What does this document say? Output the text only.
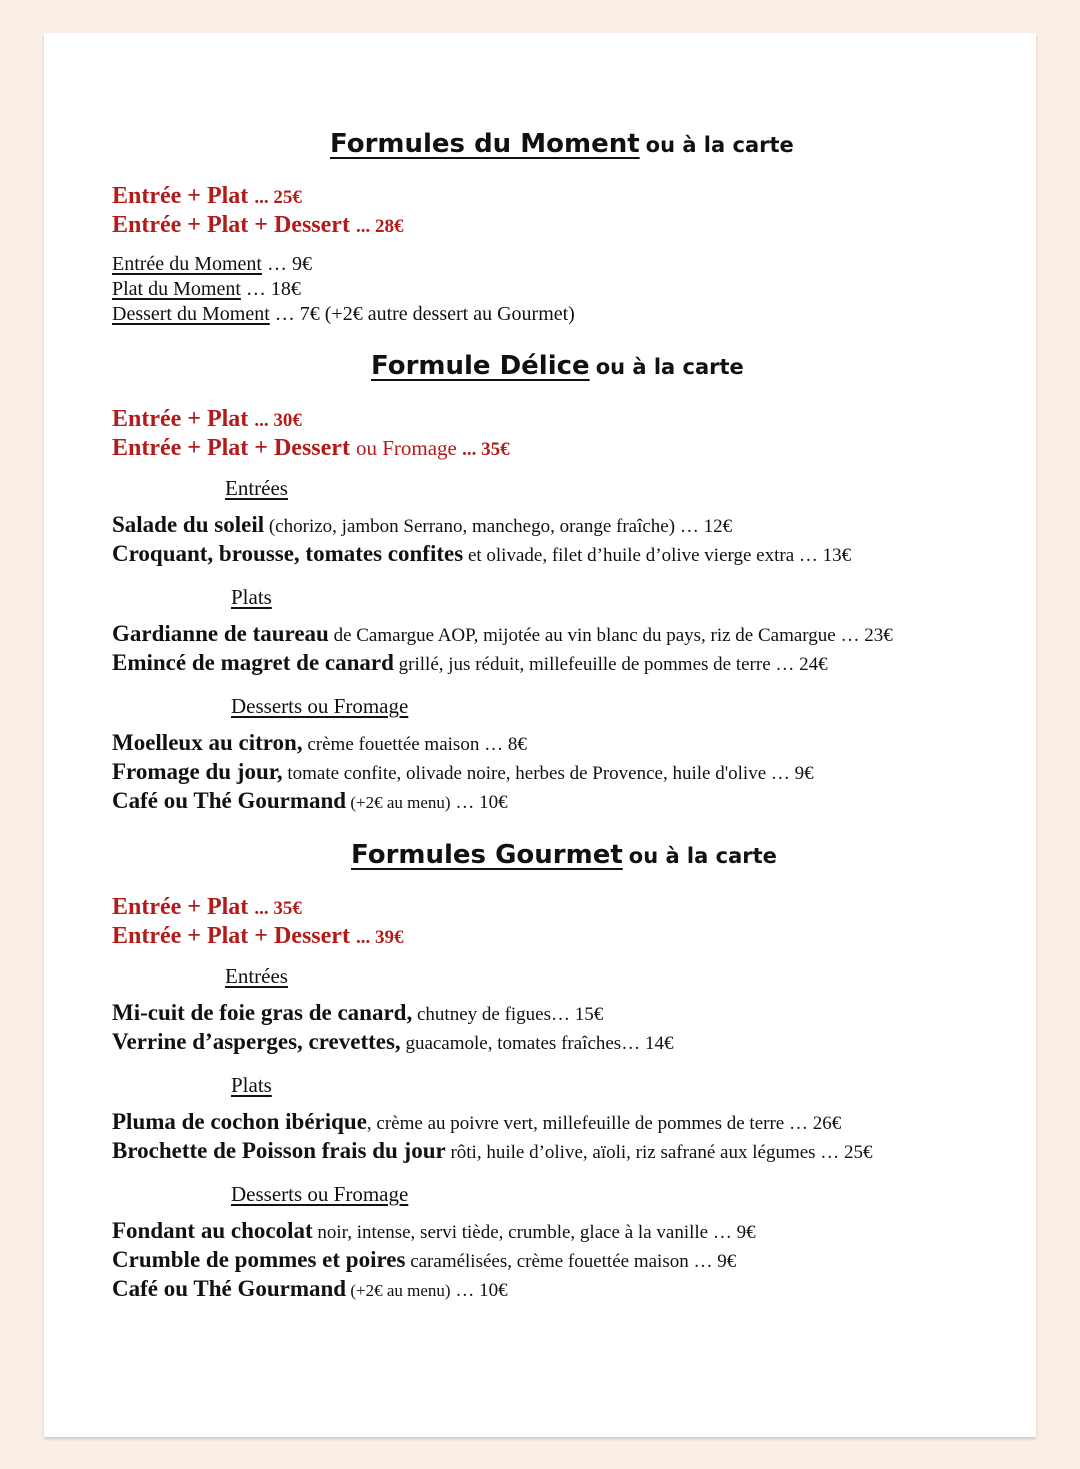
Formules du Moment ou à la carte
Entrée + Plat ... 25€
Entrée + Plat + Dessert ... 28€
Entrée du Moment … 9€
Plat du Moment … 18€
Dessert du Moment … 7€ (+2€ autre dessert au Gourmet)
Formule Délice ou à la carte
Entrée + Plat ... 30€
Entrée + Plat + Dessert ou Fromage ... 35€
Entrées
Salade du soleil (chorizo, jambon Serrano, manchego, orange fraîche) … 12€
Croquant, brousse, tomates confites et olivade, filet d’huile d’olive vierge extra … 13€
Plats
Gardianne de taureau de Camargue AOP, mijotée au vin blanc du pays, riz de Camargue … 23€
Emincé de magret de canard grillé, jus réduit, millefeuille de pommes de terre … 24€
Desserts ou Fromage
Moelleux au citron, crème fouettée maison … 8€
Fromage du jour, tomate confite, olivade noire, herbes de Provence, huile d'olive … 9€
Café ou Thé Gourmand (+2€ au menu) … 10€
Formules Gourmet ou à la carte
Entrée + Plat ... 35€
Entrée + Plat + Dessert ... 39€
Entrées
Mi-cuit de foie gras de canard, chutney de figues… 15€
Verrine d’asperges, crevettes, guacamole, tomates fraîches… 14€
Plats
Pluma de cochon ibérique, crème au poivre vert, millefeuille de pommes de terre … 26€
Brochette de Poisson frais du jour rôti, huile d’olive, aïoli, riz safrané aux légumes … 25€
Desserts ou Fromage
Fondant au chocolat noir, intense, servi tiède, crumble, glace à la vanille … 9€
Crumble de pommes et poires caramélisées, crème fouettée maison … 9€
Café ou Thé Gourmand (+2€ au menu) … 10€
